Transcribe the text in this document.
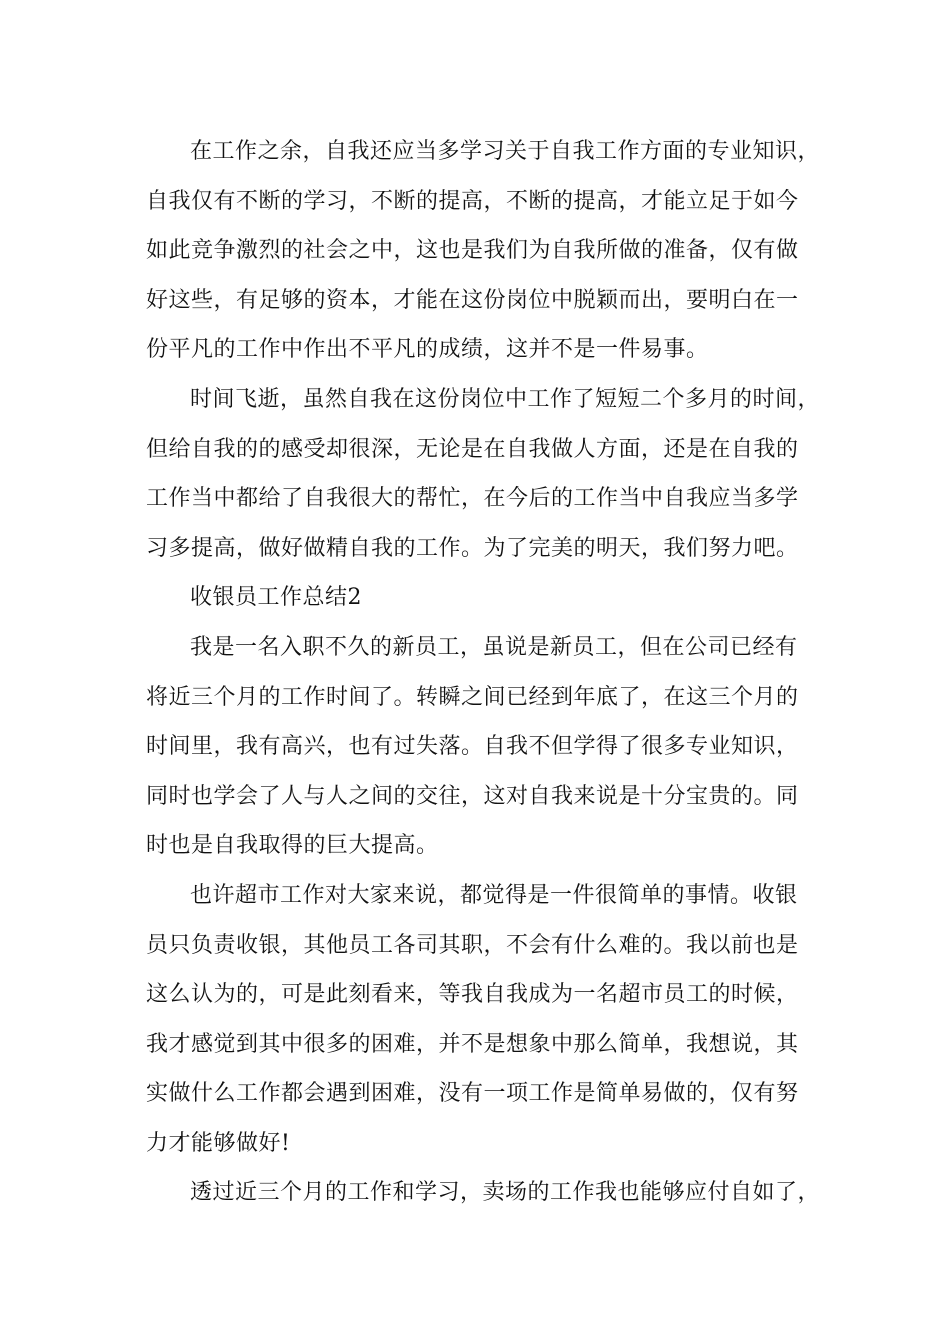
在工作之余，自我还应当多学习关于自我工作方面的专业知识，
自我仅有不断的学习，不断的提高，不断的提高，才能立足于如今
如此竞争激烈的社会之中，这也是我们为自我所做的准备，仅有做
好这些，有足够的资本，才能在这份岗位中脱颖而出，要明白在一
份平凡的工作中作出不平凡的成绩，这并不是一件易事。
时间飞逝，虽然自我在这份岗位中工作了短短二个多月的时间，
但给自我的的感受却很深，无论是在自我做人方面，还是在自我的
工作当中都给了自我很大的帮忙，在今后的工作当中自我应当多学
习多提高，做好做精自我的工作。为了完美的明天，我们努力吧。
收银员工作总结2
我是一名入职不久的新员工，虽说是新员工，但在公司已经有
将近三个月的工作时间了。转瞬之间已经到年底了，在这三个月的
时间里，我有高兴，也有过失落。自我不但学得了很多专业知识，
同时也学会了人与人之间的交往，这对自我来说是十分宝贵的。同
时也是自我取得的巨大提高。
也许超市工作对大家来说，都觉得是一件很简单的事情。收银
员只负责收银，其他员工各司其职，不会有什么难的。我以前也是
这么认为的，可是此刻看来，等我自我成为一名超市员工的时候，
我才感觉到其中很多的困难，并不是想象中那么简单，我想说，其
实做什么工作都会遇到困难，没有一项工作是简单易做的，仅有努
力才能够做好!
透过近三个月的工作和学习，卖场的工作我也能够应付自如了，
